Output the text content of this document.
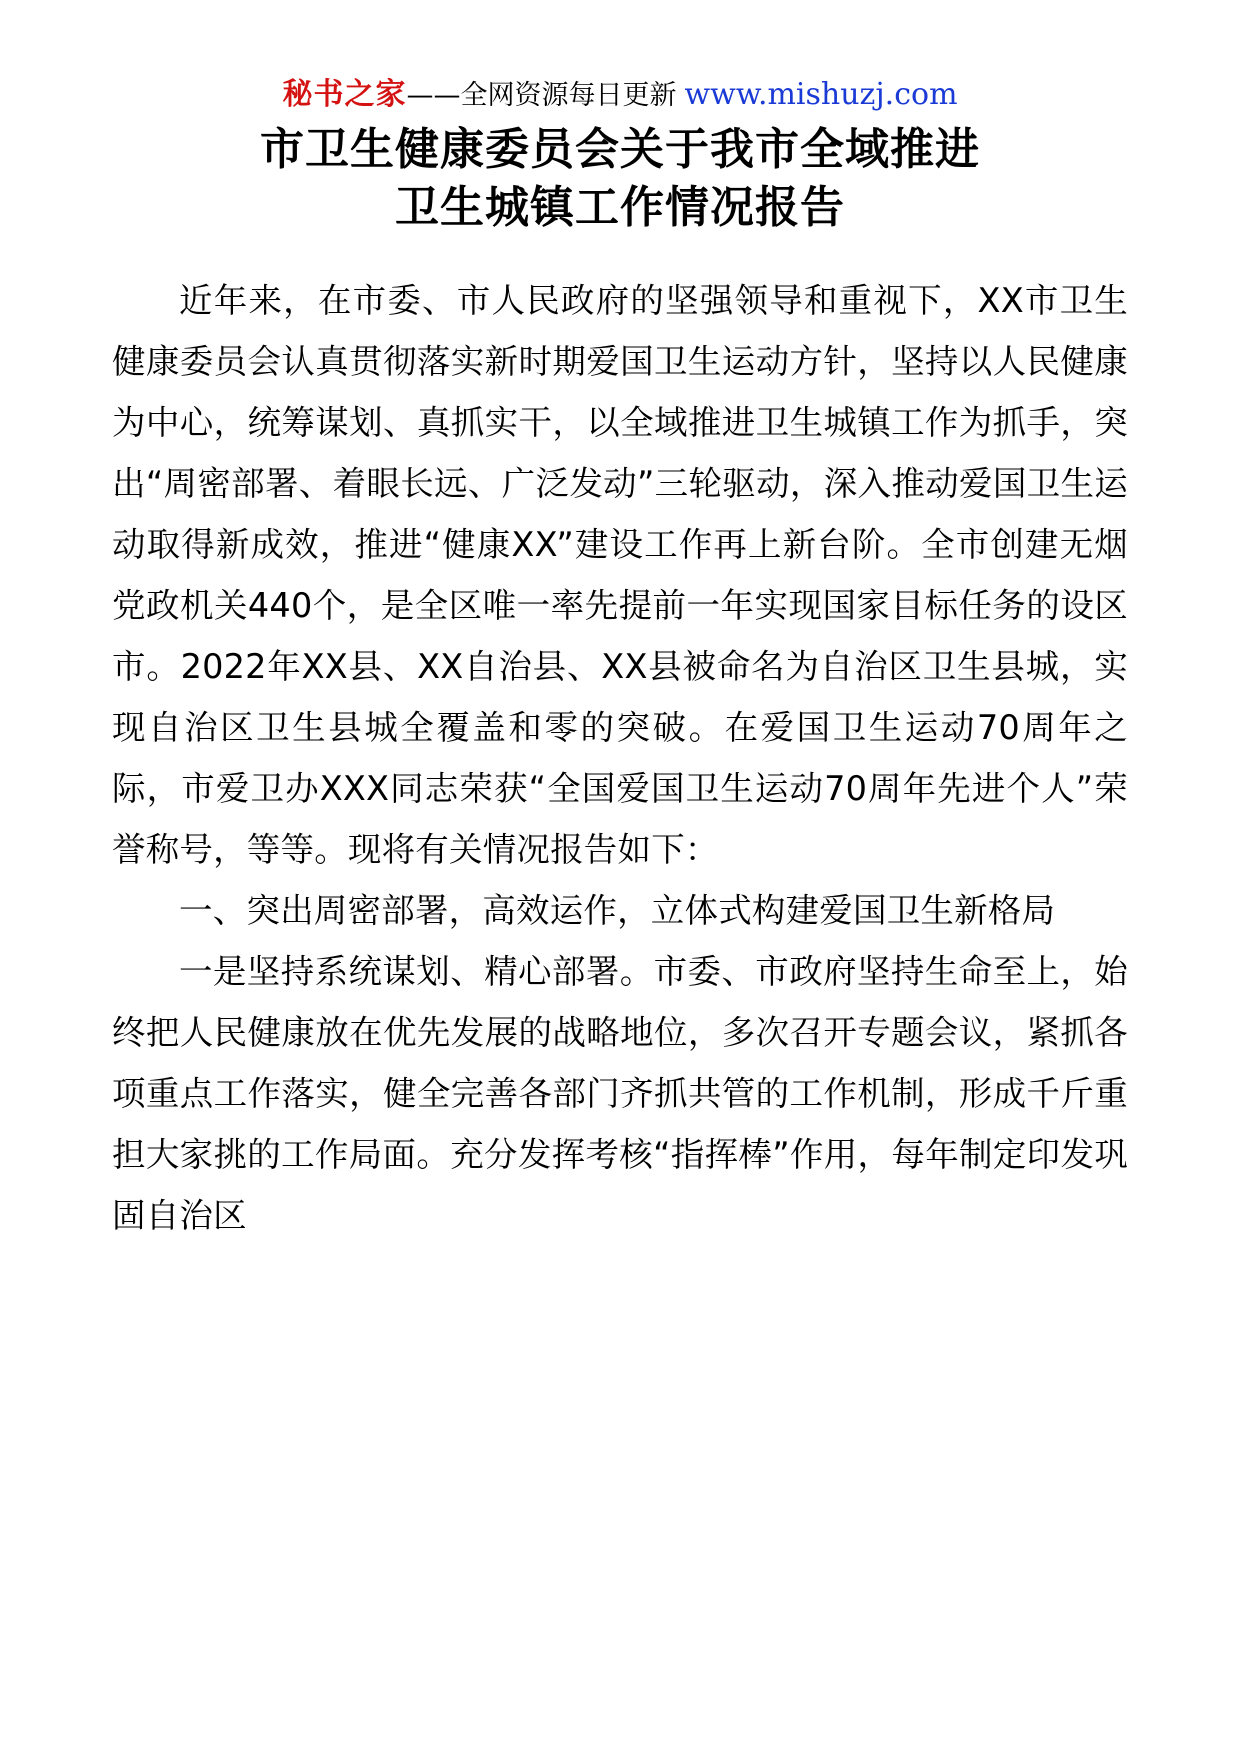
秘书之家——全网资源每日更新 www.mishuzj.com
市卫生健康委员会关于我市全域推进
卫生城镇工作情况报告

近年来，在市委、市人民政府的坚强领导和重视下，XX市卫生健康委员会认真贯彻落实新时期爱国卫生运动方针，坚持以人民健康为中心，统筹谋划、真抓实干，以全域推进卫生城镇工作为抓手，突出“周密部署、着眼长远、广泛发动”三轮驱动，深入推动爱国卫生运动取得新成效，推进“健康XX”建设工作再上新台阶。全市创建无烟党政机关440个，是全区唯一率先提前一年实现国家目标任务的设区市。2022年XX县、XX自治县、XX县被命名为自治区卫生县城，实现自治区卫生县城全覆盖和零的突破。在爱国卫生运动70周年之际，市爱卫办XXX同志荣获“全国爱国卫生运动70周年先进个人”荣誉称号，等等。现将有关情况报告如下：

一、突出周密部署，高效运作，立体式构建爱国卫生新格局

一是坚持系统谋划、精心部署。市委、市政府坚持生命至上，始终把人民健康放在优先发展的战略地位，多次召开专题会议，紧抓各项重点工作落实，健全完善各部门齐抓共管的工作机制，形成千斤重担大家挑的工作局面。充分发挥考核“指挥棒”作用，每年制定印发巩固自治区
